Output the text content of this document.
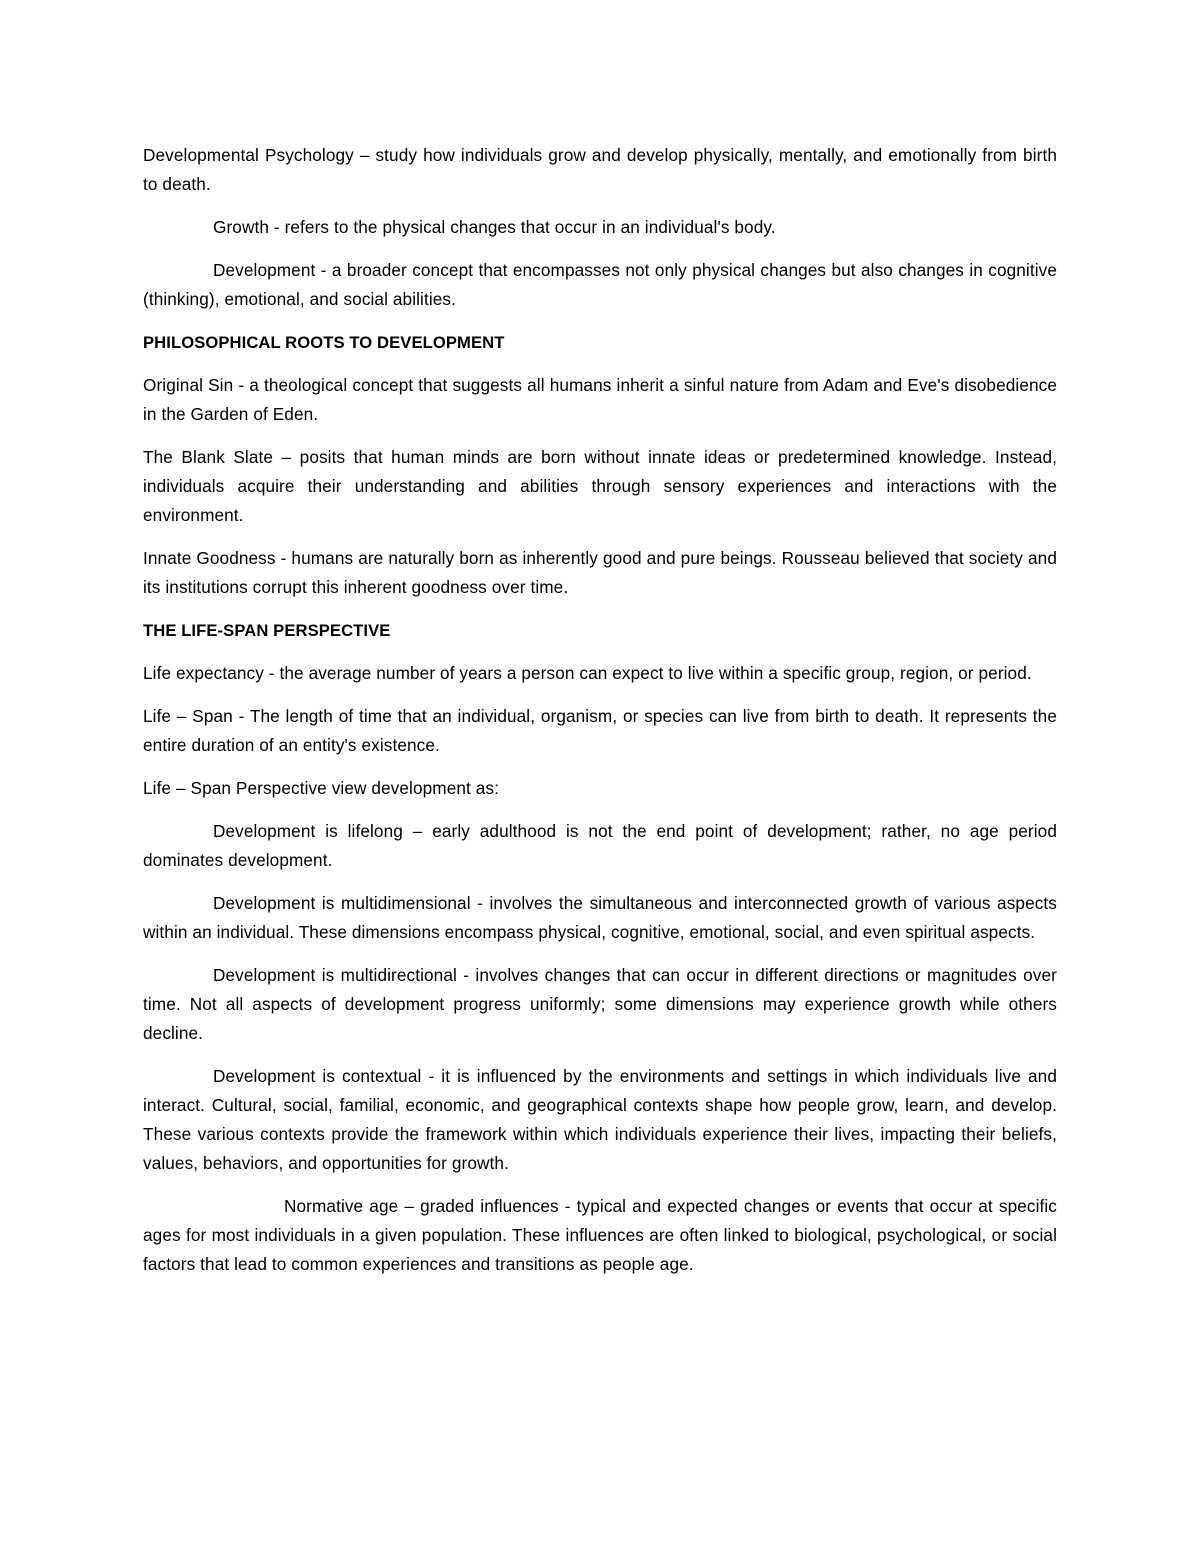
Developmental Psychology – study how individuals grow and develop physically, mentally, and emotionally from birth to death.

Growth - refers to the physical changes that occur in an individual's body.

Development - a broader concept that encompasses not only physical changes but also changes in cognitive (thinking), emotional, and social abilities.

PHILOSOPHICAL ROOTS TO DEVELOPMENT

Original Sin - a theological concept that suggests all humans inherit a sinful nature from Adam and Eve's disobedience in the Garden of Eden.

The Blank Slate – posits that human minds are born without innate ideas or predetermined knowledge. Instead, individuals acquire their understanding and abilities through sensory experiences and interactions with the environment.

Innate Goodness - humans are naturally born as inherently good and pure beings. Rousseau believed that society and its institutions corrupt this inherent goodness over time.

THE LIFE-SPAN PERSPECTIVE

Life expectancy - the average number of years a person can expect to live within a specific group, region, or period.

Life – Span - The length of time that an individual, organism, or species can live from birth to death. It represents the entire duration of an entity's existence.

Life – Span Perspective view development as:

Development is lifelong – early adulthood is not the end point of development; rather, no age period dominates development.

Development is multidimensional - involves the simultaneous and interconnected growth of various aspects within an individual. These dimensions encompass physical, cognitive, emotional, social, and even spiritual aspects.

Development is multidirectional - involves changes that can occur in different directions or magnitudes over time. Not all aspects of development progress uniformly; some dimensions may experience growth while others decline.

Development is contextual - it is influenced by the environments and settings in which individuals live and interact. Cultural, social, familial, economic, and geographical contexts shape how people grow, learn, and develop. These various contexts provide the framework within which individuals experience their lives, impacting their beliefs, values, behaviors, and opportunities for growth.

Normative age – graded influences - typical and expected changes or events that occur at specific ages for most individuals in a given population. These influences are often linked to biological, psychological, or social factors that lead to common experiences and transitions as people age.
